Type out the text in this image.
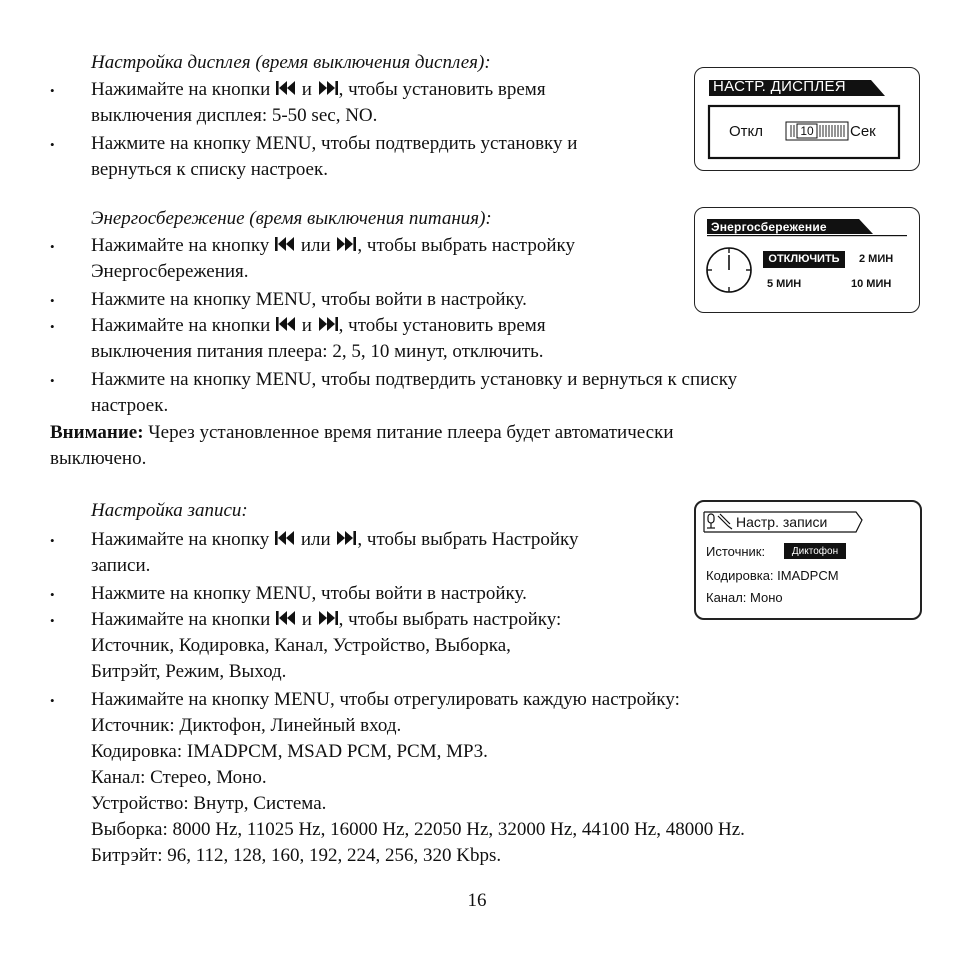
Настройка дисплея (время выключения дисплея):
• Нажимайте на кнопки  и , чтобы установить время
выключения дисплея: 5-50 sec, NO.
• Нажмите на кнопку MENU, чтобы подтвердить установку и
вернуться к списку настроек.
НАСТР. ДИСПЛЕЯ
Откл	10 Сек
Энергосбережение (время выключения питания):
• Нажимайте на кнопку  или , чтобы выбрать настройку
Энергосбережения.
• Нажмите на кнопку MENU, чтобы войти в настройку.
• Нажимайте на кнопки  и , чтобы установить время
выключения питания плеера: 2, 5, 10 минут, отключить.
• Нажмите на кнопку MENU, чтобы подтвердить установку и вернуться к списку
настроек.
Внимание: Через установленное время питание плеера будет автоматически
выключено.
Энергосбережение
ОТКЛЮЧИТЬ	2 МИН
5 МИН	10 МИН
Настройка записи:
• Нажимайте на кнопку  или , чтобы выбрать Настройку
записи.
• Нажмите на кнопку MENU, чтобы войти в настройку.
• Нажимайте на кнопки  и , чтобы выбрать настройку:
Источник, Кодировка, Канал, Устройство, Выборка,
Битрэйт, Режим, Выход.
• Нажимайте на кнопку MENU, чтобы отрегулировать каждую настройку:
Источник: Диктофон, Линейный вход.
Кодировка: IMADPCM, MSAD PCM, PCM, MP3.
Канал: Стерео, Моно.
Устройство: Внутр, Система.
Выборка: 8000 Hz, 11025 Hz, 16000 Hz, 22050 Hz, 32000 Hz, 44100 Hz, 48000 Hz.
Битрэйт: 96, 112, 128, 160, 192, 224, 256, 320 Kbps.
Настр. записи
Источник:	Диктофон
Кодировка: IMADPCM
Канал: Моно
16
